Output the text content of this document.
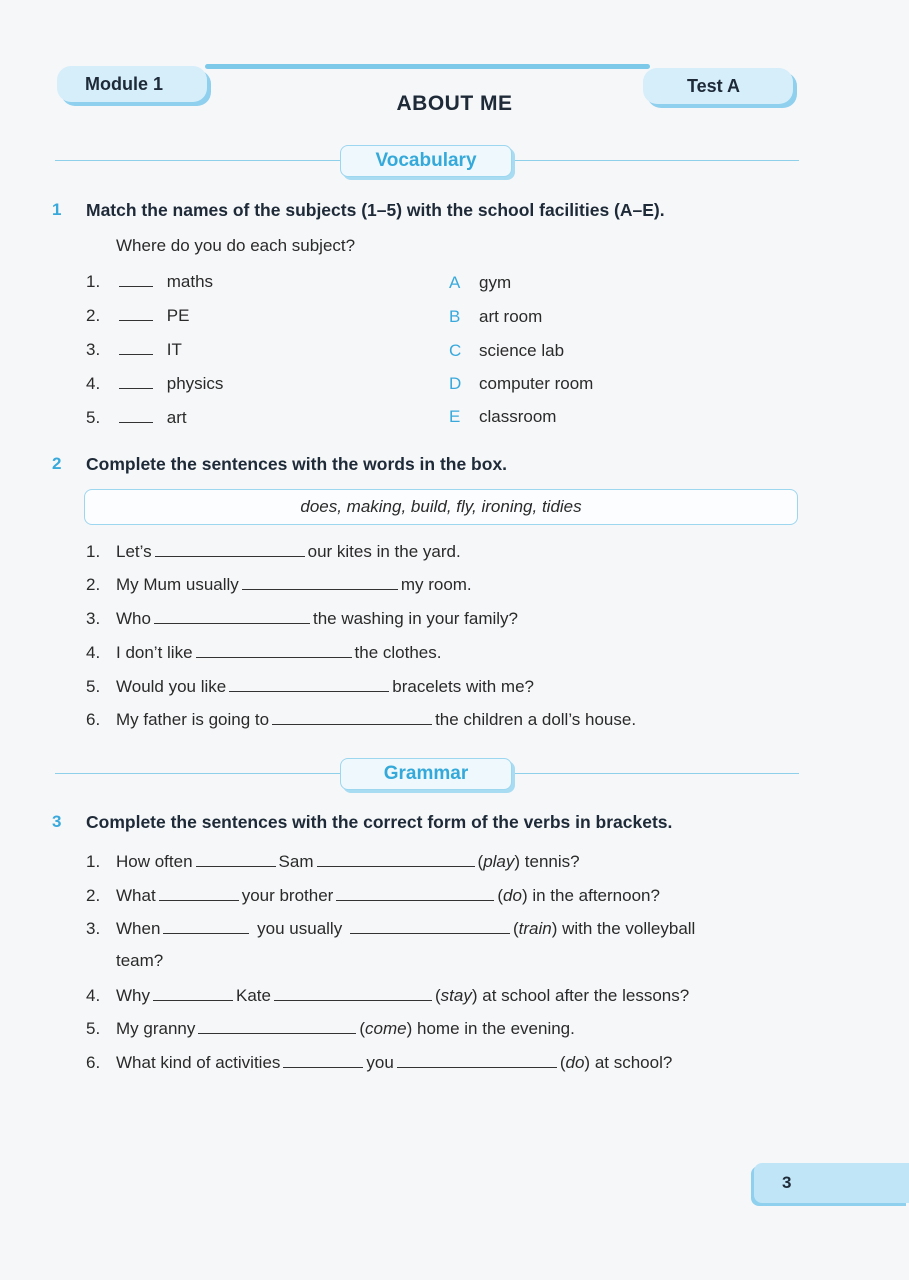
Module 1	Test A
ABOUT ME
Vocabulary
1 Match the names of the subjects (1–5) with the school facilities (A–E).
Where do you do each subject?
1.	maths
2.	PE
3.	IT
4.	physics
5.	art
A gym
B art room
C science lab
D computer room
E classroom
2 Complete the sentences with the words in the box.
does, making, build, fly, ironing, tidies
1. Let’s	our kites in the yard.
2. My Mum usually	my room.
3. Who	the washing in your family?
4. I don’t like	the clothes.
5. Would you like	bracelets with me?
6. My father is going to	the children a doll’s house.
Grammar
3 Complete the sentences with the correct form of the verbs in brackets.
1. How often	Sam	(play) tennis?
2. What	your brother	(do) in the afternoon?
3. When	you usually	(train) with the volleyball
team?
4. Why	Kate	(stay) at school after the lessons?
5. My granny	(come) home in the evening.
6. What kind of activities	you	(do) at school?
3
